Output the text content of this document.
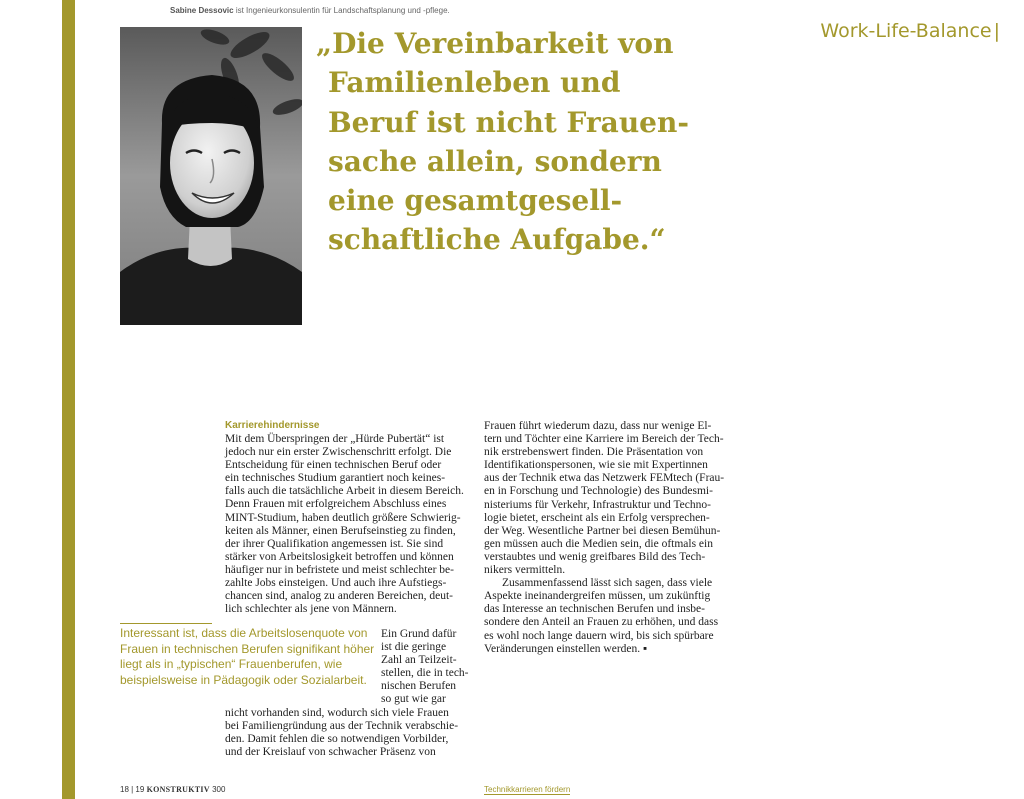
Sabine Dessovic ist Ingenieurkonsulentin für Landschaftsplanung und -pflege.
Work-Life-Balance |
„Die Vereinbarkeit von
Familienleben und
Beruf ist nicht Frauen-
sache allein, sondern
eine gesamtgesell-
schaftliche Aufgabe.“
Karrierehindernisse
Mit dem Überspringen der „Hürde Pubertät“ ist
jedoch nur ein erster Zwischenschritt erfolgt. Die
Entscheidung für einen technischen Beruf oder
ein technisches Studium garantiert noch keines-
falls auch die tatsächliche Arbeit in diesem Bereich.
Denn Frauen mit erfolgreichem Abschluss eines
MINT-Studium, haben deutlich größere Schwierig-
keiten als Männer, einen Berufseinstieg zu finden,
der ihrer Qualifikation angemessen ist. Sie sind
stärker von Arbeitslosigkeit betroffen und können
häufiger nur in befristete und meist schlechter be-
zahlte Jobs einsteigen. Und auch ihre Aufstiegs-
chancen sind, analog zu anderen Bereichen, deut-
lich schlechter als jene von Männern.
Interessant ist, dass die Arbeitslosenquote von
Frauen in technischen Berufen signifikant höher
liegt als in „typischen“ Frauenberufen, wie
beispielsweise in Pädagogik oder Sozialarbeit.
Ein Grund dafür
ist die geringe
Zahl an Teilzeit-
stellen, die in tech-
nischen Berufen
so gut wie gar
nicht vorhanden sind, wodurch sich viele Frauen
bei Familiengründung aus der Technik verabschie-
den. Damit fehlen die so notwendigen Vorbilder,
und der Kreislauf von schwacher Präsenz von
Frauen führt wiederum dazu, dass nur wenige El-
tern und Töchter eine Karriere im Bereich der Tech-
nik erstrebenswert finden. Die Präsentation von
Identifikationspersonen, wie sie mit Expertinnen
aus der Technik etwa das Netzwerk FEMtech (Frau-
en in Forschung und Technologie) des Bundesmi-
nisteriums für Verkehr, Infrastruktur und Techno-
logie bietet, erscheint als ein Erfolg versprechen-
der Weg. Wesentliche Partner bei diesen Bemühun-
gen müssen auch die Medien sein, die oftmals ein
verstaubtes und wenig greifbares Bild des Tech-
nikers vermitteln.
Zusammenfassend lässt sich sagen, dass viele
Aspekte ineinandergreifen müssen, um zukünftig
das Interesse an technischen Berufen und insbe-
sondere den Anteil an Frauen zu erhöhen, und dass
es wohl noch lange dauern wird, bis sich spürbare
Veränderungen einstellen werden. ▪
18 | 19 KONSTRUKTIV 300	Technikkarrieren fördern
